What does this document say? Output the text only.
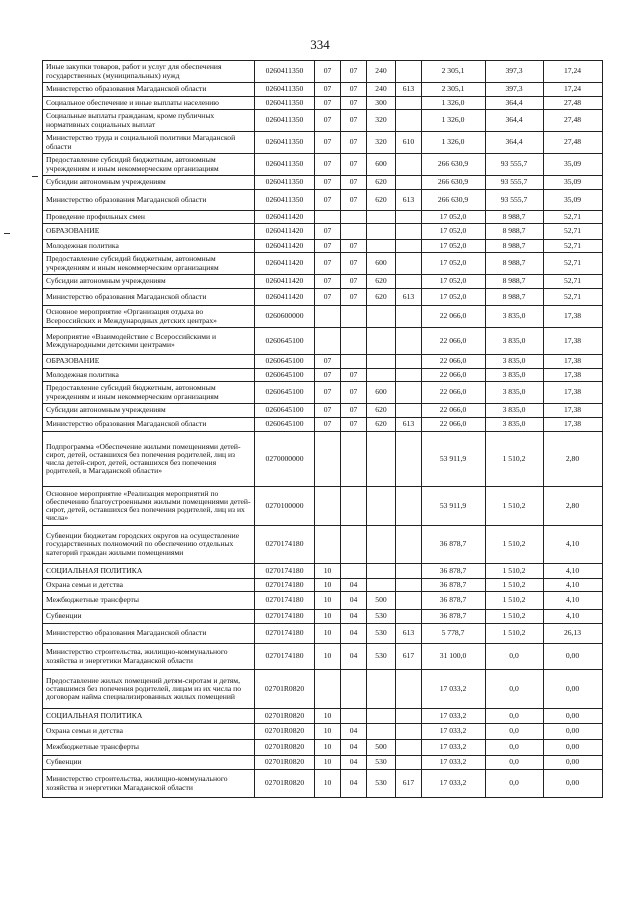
334
Иные закупки товаров, работ и услуг для обеспечения государственных (муниципальных) нужд	0260411350	07	07	240		2 305,1	397,3	17,24
Министерство образования Магаданской области	0260411350	07	07	240	613	2 305,1	397,3	17,24
Социальное обеспечение и иные выплаты населению	0260411350	07	07	300		1 326,0	364,4	27,48
Социальные выплаты гражданам, кроме публичных нормативных социальных выплат	0260411350	07	07	320		1 326,0	364,4	27,48
Министерство труда и социальной политики Магаданской области	0260411350	07	07	320	610	1 326,0	364,4	27,48
Предоставление субсидий бюджетным, автономным учреждениям и иным некоммерческим организациям	0260411350	07	07	600		266 630,9	93 555,7	35,09
Субсидии автономным учреждениям	0260411350	07	07	620		266 630,9	93 555,7	35,09
Министерство образования Магаданской области	0260411350	07	07	620	613	266 630,9	93 555,7	35,09
Проведение профильных смен	0260411420					17 052,0	8 988,7	52,71
ОБРАЗОВАНИЕ	0260411420	07				17 052,0	8 988,7	52,71
Молодежная политика	0260411420	07	07			17 052,0	8 988,7	52,71
Предоставление субсидий бюджетным, автономным учреждениям и иным некоммерческим организациям	0260411420	07	07	600		17 052,0	8 988,7	52,71
Субсидии автономным учреждениям	0260411420	07	07	620		17 052,0	8 988,7	52,71
Министерство образования Магаданской области	0260411420	07	07	620	613	17 052,0	8 988,7	52,71
Основное мероприятие «Организация отдыха во Всероссийских и Международных детских центрах»	0260600000					22 066,0	3 835,0	17,38
Мероприятие «Взаимодействие с Всероссийскими и Международными детскими центрами»	0260645100					22 066,0	3 835,0	17,38
ОБРАЗОВАНИЕ	0260645100	07				22 066,0	3 835,0	17,38
Молодежная политика	0260645100	07	07			22 066,0	3 835,0	17,38
Предоставление субсидий бюджетным, автономным учреждениям и иным некоммерческим организациям	0260645100	07	07	600		22 066,0	3 835,0	17,38
Субсидии автономным учреждениям	0260645100	07	07	620		22 066,0	3 835,0	17,38
Министерство образования Магаданской области	0260645100	07	07	620	613	22 066,0	3 835,0	17,38
Подпрограмма «Обеспечение жилыми помещениями детей-сирот, детей, оставшихся без попечения родителей, лиц из числа детей-сирот, детей, оставшихся без попечения родителей, в Магаданской области»	0270000000					53 911,9	1 510,2	2,80
Основное мероприятие «Реализация мероприятий по обеспечению благоустроенными жилыми помещениями детей-сирот, детей, оставшихся без попечения родителей, лиц из их числа»	0270100000					53 911,9	1 510,2	2,80
Субвенции бюджетам городских округов на осуществление государственных полномочий по обеспечению отдельных категорий граждан жилыми помещениями	0270174180					36 878,7	1 510,2	4,10
СОЦИАЛЬНАЯ ПОЛИТИКА	0270174180	10				36 878,7	1 510,2	4,10
Охрана семьи и детства	0270174180	10	04			36 878,7	1 510,2	4,10
Межбюджетные трансферты	0270174180	10	04	500		36 878,7	1 510,2	4,10
Субвенции	0270174180	10	04	530		36 878,7	1 510,2	4,10
Министерство образования Магаданской области	0270174180	10	04	530	613	5 778,7	1 510,2	26,13
Министерство строительства, жилищно-коммунального хозяйства и энергетики Магаданской области	0270174180	10	04	530	617	31 100,0	0,0	0,00
Предоставление жилых помещений детям-сиротам и детям, оставшимся без попечения родителей, лицам из их числа по договорам найма специализированных жилых помещений	02701R0820					17 033,2	0,0	0,00
СОЦИАЛЬНАЯ ПОЛИТИКА	02701R0820	10				17 033,2	0,0	0,00
Охрана семьи и детства	02701R0820	10	04			17 033,2	0,0	0,00
Межбюджетные трансферты	02701R0820	10	04	500		17 033,2	0,0	0,00
Субвенции	02701R0820	10	04	530		17 033,2	0,0	0,00
Министерство строительства, жилищно-коммунального хозяйства и энергетики Магаданской области	02701R0820	10	04	530	617	17 033,2	0,0	0,00
